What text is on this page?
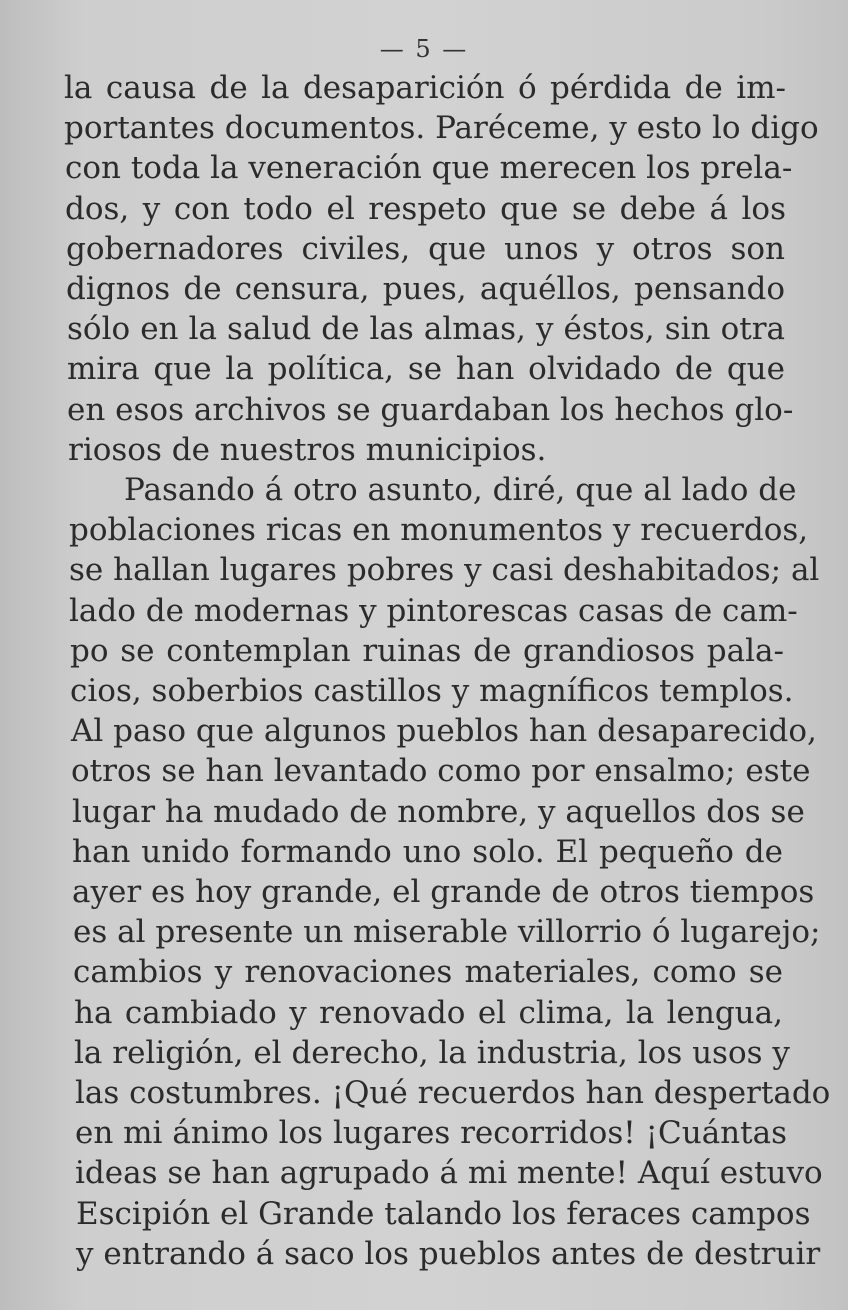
— 5 —
la causa de la desaparición ó pérdida de im-
portantes documentos. Paréceme, y esto lo digo
con toda la veneración que merecen los prela-
dos, y con todo el respeto que se debe á los
gobernadores civiles, que unos y otros son
dignos de censura, pues, aquéllos, pensando
sólo en la salud de las almas, y éstos, sin otra
mira que la política, se han olvidado de que
en esos archivos se guardaban los hechos glo-
riosos de nuestros municipios.
Pasando á otro asunto, diré, que al lado de
poblaciones ricas en monumentos y recuerdos,
se hallan lugares pobres y casi deshabitados; al
lado de modernas y pintorescas casas de cam-
po se contemplan ruinas de grandiosos pala-
cios, soberbios castillos y magníficos templos.
Al paso que algunos pueblos han desaparecido,
otros se han levantado como por ensalmo; este
lugar ha mudado de nombre, y aquellos dos se
han unido formando uno solo. El pequeño de
ayer es hoy grande, el grande de otros tiempos
es al presente un miserable villorrio ó lugarejo;
cambios y renovaciones materiales, como se
ha cambiado y renovado el clima, la lengua,
la religión, el derecho, la industria, los usos y
las costumbres. ¡Qué recuerdos han despertado
en mi ánimo los lugares recorridos! ¡Cuántas
ideas se han agrupado á mi mente! Aquí estuvo
Escipión el Grande talando los feraces campos
y entrando á saco los pueblos antes de destruir
